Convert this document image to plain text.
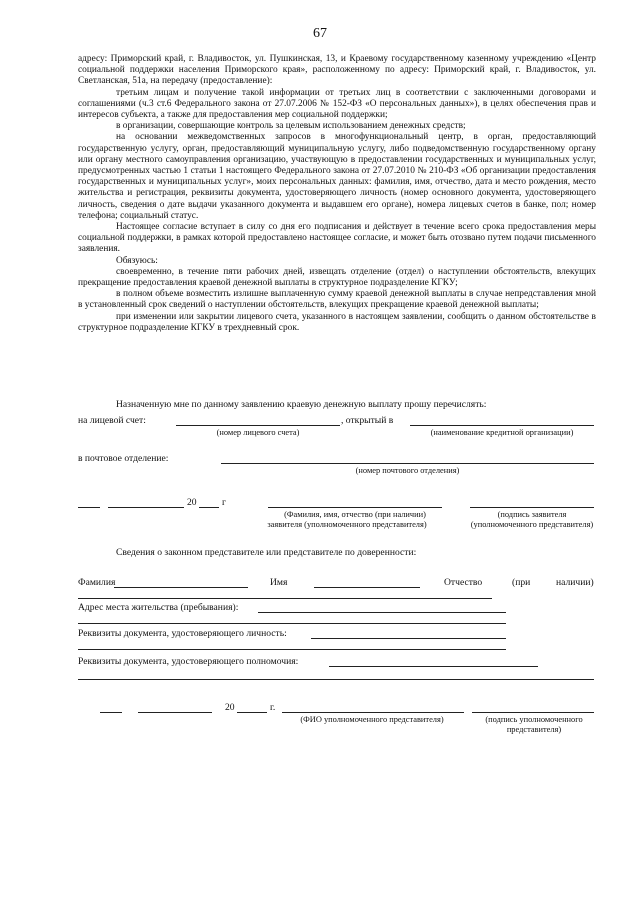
67

адресу: Приморский край, г. Владивосток, ул. Пушкинская, 13, и Краевому государственному казенному учреждению «Центр социальной поддержки населения Приморского края», расположенному по адресу: Приморский край, г. Владивосток, ул. Светланская, 51а, на передачу (предоставление):

третьим лицам и получение такой информации от третьих лиц в соответствии с заключенными договорами и соглашениями (ч.3 ст.6 Федерального закона от 27.07.2006 № 152-ФЗ «О персональных данных»), в целях обеспечения прав и интересов субъекта, а также для предоставления мер социальной поддержки;

в организации, совершающие контроль за целевым использованием денежных средств;

на основании межведомственных запросов в многофункциональный центр, в орган, предоставляющий государственную услугу, орган, предоставляющий муниципальную услугу, либо подведомственную государственному органу или органу местного самоуправления организацию, участвующую в предоставлении государственных и муниципальных услуг, предусмотренных частью 1 статьи 1 настоящего Федерального закона от 27.07.2010 № 210-ФЗ «Об организации предоставления государственных и муниципальных услуг», моих персональных данных: фамилия, имя, отчество, дата и место рождения, место жительства и регистрация, реквизиты документа, удостоверяющего личность (номер основного документа, удостоверяющего личность, сведения о дате выдачи указанного документа и выдавшем его органе), номера лицевых счетов в банке, пол; номер телефона; социальный статус.

Настоящее согласие вступает в силу со дня его подписания и действует в течение всего срока предоставления меры социальной поддержки, в рамках которой предоставлено настоящее согласие, и может быть отозвано путем подачи письменного заявления.

Обязуюсь:

своевременно, в течение пяти рабочих дней, извещать отделение (отдел) о наступлении обстоятельств, влекущих прекращение предоставления краевой денежной выплаты в структурное подразделение КГКУ;

в полном объеме возместить излишне выплаченную сумму краевой денежной выплаты в случае непредставления мной в установленный срок сведений о наступлении обстоятельств, влекущих прекращение краевой денежной выплаты;

при изменении или закрытии лицевого счета, указанного в настоящем заявлении, сообщить о данном обстоятельстве в структурное подразделение КГКУ в трехдневный срок.

Назначенную мне по данному заявлению краевую денежную выплату прошу перечислять:
на лицевой счет:	, открытый в
(номер лицевого счета)	(наименование кредитной организации)
в почтовое отделение:
(номер почтового отделения)
20	г
(Фамилия, имя, отчество (при наличии)	(подпись заявителя
заявителя (уполномоченного представителя)	(уполномоченного представителя)
Сведения о законном представителе или представителе по доверенности:
Фамилия	Имя	Отчество	(при	наличии)
Адрес места жительства (пребывания):
Реквизиты документа, удостоверяющего личность:
Реквизиты документа, удостоверяющего полномочия:
20	г.
(ФИО уполномоченного представителя)	(подпись уполномоченного
представителя)
